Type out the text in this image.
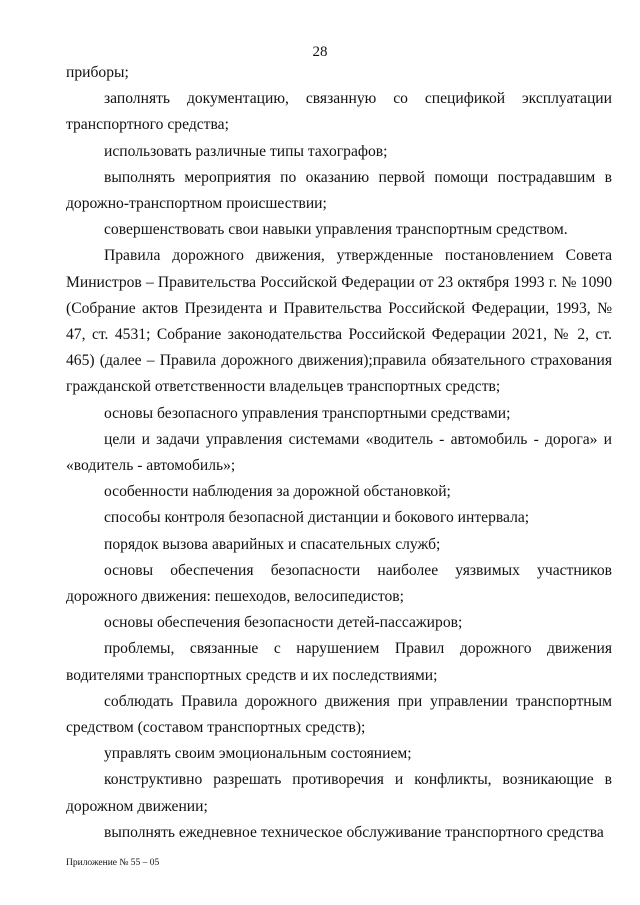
28

приборы;

заполнять документацию, связанную со спецификой эксплуатации транспортного средства;

использовать различные типы тахографов;

выполнять мероприятия по оказанию первой помощи пострадавшим в дорожно-транспортном происшествии;

совершенствовать свои навыки управления транспортным средством.

Правила дорожного движения, утвержденные постановлением Совета Министров – Правительства Российской Федерации от 23 октября 1993 г. № 1090 (Собрание актов Президента и Правительства Российской Федерации, 1993, № 47, ст. 4531; Собрание законодательства Российской Федерации 2021, № 2, ст. 465) (далее – Правила дорожного движения);правила обязательного страхования гражданской ответственности владельцев транспортных средств;

основы безопасного управления транспортными средствами;

цели и задачи управления системами «водитель - автомобиль - дорога» и «водитель - автомобиль»;

особенности наблюдения за дорожной обстановкой;

способы контроля безопасной дистанции и бокового интервала;

порядок вызова аварийных и спасательных служб;

основы обеспечения безопасности наиболее уязвимых участников дорожного движения: пешеходов, велосипедистов;

основы обеспечения безопасности детей-пассажиров;

проблемы, связанные с нарушением Правил дорожного движения водителями транспортных средств и их последствиями;

соблюдать Правила дорожного движения при управлении транспортным средством (составом транспортных средств);

управлять своим эмоциональным состоянием;

конструктивно разрешать противоречия и конфликты, возникающие в дорожном движении;

выполнять ежедневное техническое обслуживание транспортного средства

Приложение № 55 – 05
